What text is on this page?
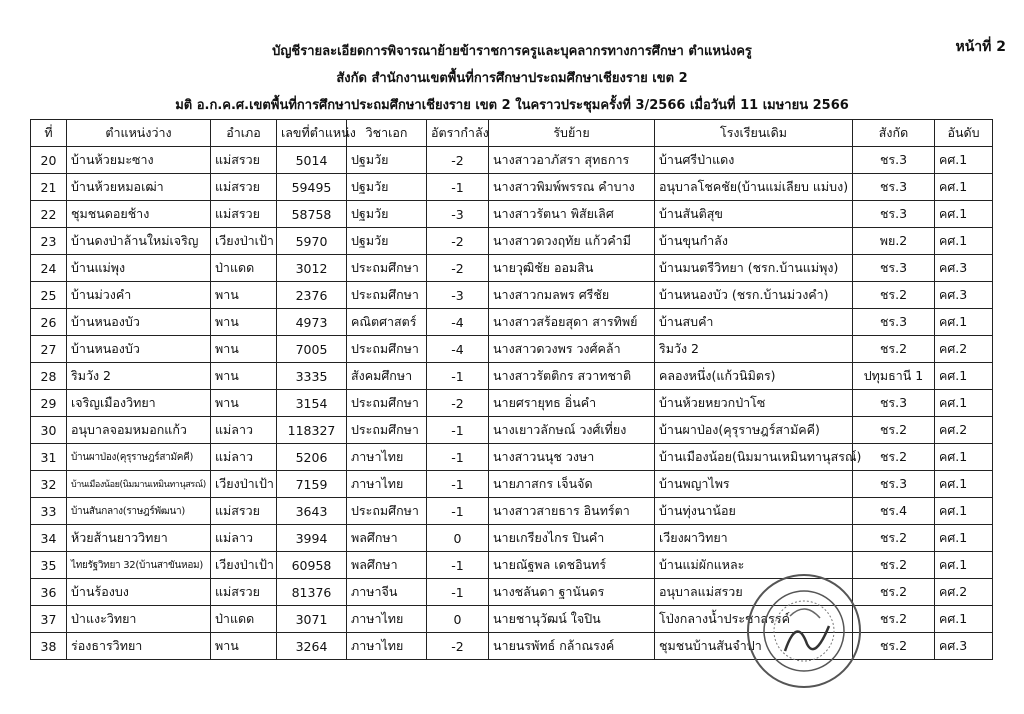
หน้าที่ 2
บัญชีรายละเอียดการพิจารณาย้ายข้าราชการครูและบุคลากรทางการศึกษา ตำแหน่งครู
สังกัด สำนักงานเขตพื้นที่การศึกษาประถมศึกษาเชียงราย เขต 2
มติ อ.ก.ค.ศ.เขตพื้นที่การศึกษาประถมศึกษาเชียงราย เขต 2 ในคราวประชุมครั้งที่ 3/2566 เมื่อวันที่ 11 เมษายน 2566
ที่	ตำแหน่งว่าง	อำเภอ	เลขที่ตำแหน่ง	วิชาเอก	อัตรากำลัง	รับย้าย	โรงเรียนเดิม	สังกัด	อันดับ
20	บ้านห้วยมะซาง	แม่สรวย	5014	ปฐมวัย	-2	นางสาวอาภัสรา สุทธการ	บ้านศรีป่าแดง	ชร.3	คศ.1
21	บ้านห้วยหมอเฒ่า	แม่สรวย	59495	ปฐมวัย	-1	นางสาวพิมพ์พรรณ คำบาง	อนุบาลโชคชัย(บ้านแม่เลียบ แม่บง)	ชร.3	คศ.1
22	ชุมชนดอยช้าง	แม่สรวย	58758	ปฐมวัย	-3	นางสาวรัตนา พิสัยเลิศ	บ้านสันติสุข	ชร.3	คศ.1
23	บ้านดงป่าล้านใหม่เจริญ	เวียงป่าเป้า	5970	ปฐมวัย	-2	นางสาวดวงฤทัย แก้วคำมี	บ้านขุนกำลัง	พย.2	คศ.1
24	บ้านแม่พุง	ป่าแดด	3012	ประถมศึกษา	-2	นายวุฒิชัย ออมสิน	บ้านมนตรีวิทยา (ชรก.บ้านแม่พุง)	ชร.3	คศ.3
25	บ้านม่วงคำ	พาน	2376	ประถมศึกษา	-3	นางสาวกมลพร ศรีชัย	บ้านหนองบัว (ชรก.บ้านม่วงคำ)	ชร.2	คศ.3
26	บ้านหนองบัว	พาน	4973	คณิตศาสตร์	-4	นางสาวสร้อยสุดา สารทิพย์	บ้านสบคำ	ชร.3	คศ.1
27	บ้านหนองบัว	พาน	7005	ประถมศึกษา	-4	นางสาวดวงพร วงศ์คล้า	ริมวัง 2	ชร.2	คศ.2
28	ริมวัง 2	พาน	3335	สังคมศึกษา	-1	นางสาวรัตติกร สวาทชาติ	คลองหนึ่ง(แก้วนิมิตร)	ปทุมธานี 1	คศ.1
29	เจริญเมืองวิทยา	พาน	3154	ประถมศึกษา	-2	นายศรายุทธ อิ่นคำ	บ้านห้วยหยวกป่าโซ	ชร.3	คศ.1
30	อนุบาลจอมหมอกแก้ว	แม่ลาว	118327	ประถมศึกษา	-1	นางเยาวลักษณ์ วงศ์เที่ยง	บ้านผาป่อง(คุรุราษฎร์สามัคคี)	ชร.2	คศ.2
31	บ้านผาป่อง(คุรุราษฎร์สามัคคี)	แม่ลาว	5206	ภาษาไทย	-1	นางสาวนนุช วงษา	บ้านเมืองน้อย(นิมมานเหมินทานุสรณ์)	ชร.2	คศ.1
32	บ้านเมืองน้อย(นิมมานเหมินทานุสรณ์)	เวียงป่าเป้า	7159	ภาษาไทย	-1	นายภาสกร เจ็นจัด	บ้านพญาไพร	ชร.3	คศ.1
33	บ้านสันกลาง(ราษฎร์พัฒนา)	แม่สรวย	3643	ประถมศึกษา	-1	นางสาวสายธาร อินทร์ตา	บ้านทุ่งนาน้อย	ชร.4	คศ.1
34	ห้วยส้านยาววิทยา	แม่ลาว	3994	พลศึกษา	0	นายเกรียงไกร ปินคำ	เวียงผาวิทยา	ชร.2	คศ.1
35	ไทยรัฐวิทยา 32(บ้านสาขันหอม)	เวียงป่าเป้า	60958	พลศึกษา	-1	นายณัฐพล เดชอินทร์	บ้านแม่ผักแหละ	ชร.2	คศ.1
36	บ้านร้องบง	แม่สรวย	81376	ภาษาจีน	-1	นางชลันดา ฐานันดร	อนุบาลแม่สรวย	ชร.2	คศ.2
37	ป่าแงะวิทยา	ป่าแดด	3071	ภาษาไทย	0	นายชานุวัฒน์ ใจปิน	โป่งกลางน้ำประชาสรรค์	ชร.2	คศ.1
38	ร่องธารวิทยา	พาน	3264	ภาษาไทย	-2	นายนรพัทธ์ กล้าณรงค์	ชุมชนบ้านสันจำปา	ชร.2	คศ.3
